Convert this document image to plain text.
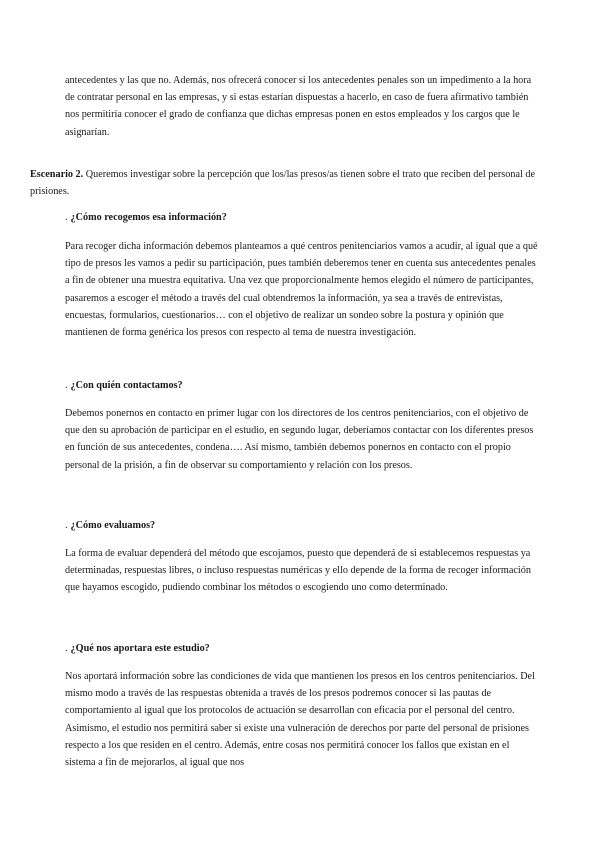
antecedentes y las que no. Además, nos ofrecerá conocer si los antecedentes penales son un impedimento a la hora de contratar personal en las empresas, y si estas estarían dispuestas a hacerlo, en caso de fuera afirmativo también nos permitiría conocer el grado de confianza que dichas empresas ponen en estos empleados y los cargos que le asignarían.

Escenario 2. Queremos investigar sobre la percepción que los/las presos/as tienen sobre el trato que reciben del personal de prisiones.

. ¿Cómo recogemos esa información?

Para recoger dicha información debemos planteamos a qué centros penitenciarios vamos a acudir, al igual que a qué tipo de presos les vamos a pedir su participación, pues también deberemos tener en cuenta sus antecedentes penales a fin de obtener una muestra equitativa. Una vez que proporcionalmente hemos elegido el número de participantes, pasaremos a escoger el método a través del cual obtendremos la información, ya sea a través de entrevistas, encuestas, formularios, cuestionarios… con el objetivo de realizar un sondeo sobre la postura y opinión que mantienen de forma genérica los presos con respecto al tema de nuestra investigación.

. ¿Con quién contactamos?

Debemos ponernos en contacto en primer lugar con los directores de los centros penitenciarios, con el objetivo de que den su aprobación de participar en el estudio, en segundo lugar, deberíamos contactar con los diferentes presos en función de sus antecedentes, condena…. Así mismo, también debemos ponernos en contacto con el propio personal de la prisión, a fin de observar su comportamiento y relación con los presos.

. ¿Cómo evaluamos?

La forma de evaluar dependerá del método que escojamos, puesto que dependerá de si establecemos respuestas ya determinadas, respuestas libres, o incluso respuestas numéricas y ello depende de la forma de recoger información que hayamos escogido, pudiendo combinar los métodos o escogiendo uno como determinado.

. ¿Qué nos aportara este estudio?

Nos aportará información sobre las condiciones de vida que mantienen los presos en los centros penitenciarios. Del mismo modo a través de las respuestas obtenida a través de los presos podremos conocer si las pautas de comportamiento al igual que los protocolos de actuación se desarrollan con eficacia por el personal del centro. Asimismo, el estudio nos permitirá saber si existe una vulneración de derechos por parte del personal de prisiones respecto a los que residen en el centro. Además, entre cosas nos permitirá conocer los fallos que existan en el sistema a fin de mejorarlos, al igual que nos
